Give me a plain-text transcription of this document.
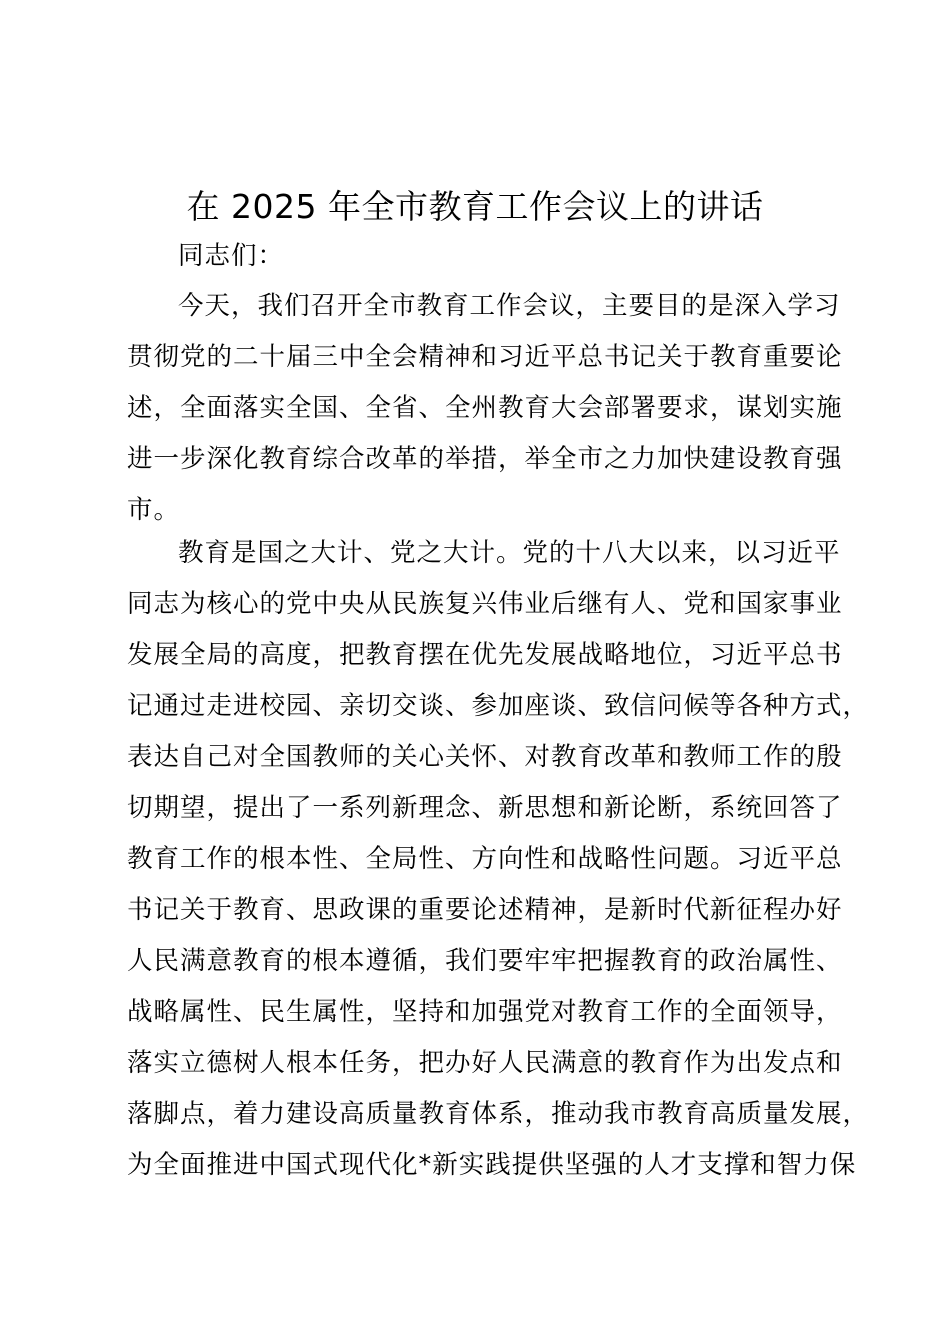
在 2025 年全市教育工作会议上的讲话
同志们：
今天，我们召开全市教育工作会议，主要目的是深入学习
贯彻党的二十届三中全会精神和习近平总书记关于教育重要论
述，全面落实全国、全省、全州教育大会部署要求，谋划实施
进一步深化教育综合改革的举措，举全市之力加快建设教育强
市。
教育是国之大计、党之大计。党的十八大以来，以习近平
同志为核心的党中央从民族复兴伟业后继有人、党和国家事业
发展全局的高度，把教育摆在优先发展战略地位，习近平总书
记通过走进校园、亲切交谈、参加座谈、致信问候等各种方式，
表达自己对全国教师的关心关怀、对教育改革和教师工作的殷
切期望，提出了一系列新理念、新思想和新论断，系统回答了
教育工作的根本性、全局性、方向性和战略性问题。习近平总
书记关于教育、思政课的重要论述精神，是新时代新征程办好
人民满意教育的根本遵循，我们要牢牢把握教育的政治属性、
战略属性、民生属性，坚持和加强党对教育工作的全面领导，
落实立德树人根本任务，把办好人民满意的教育作为出发点和
落脚点，着力建设高质量教育体系，推动我市教育高质量发展，
为全面推进中国式现代化*新实践提供坚强的人才支撑和智力保
